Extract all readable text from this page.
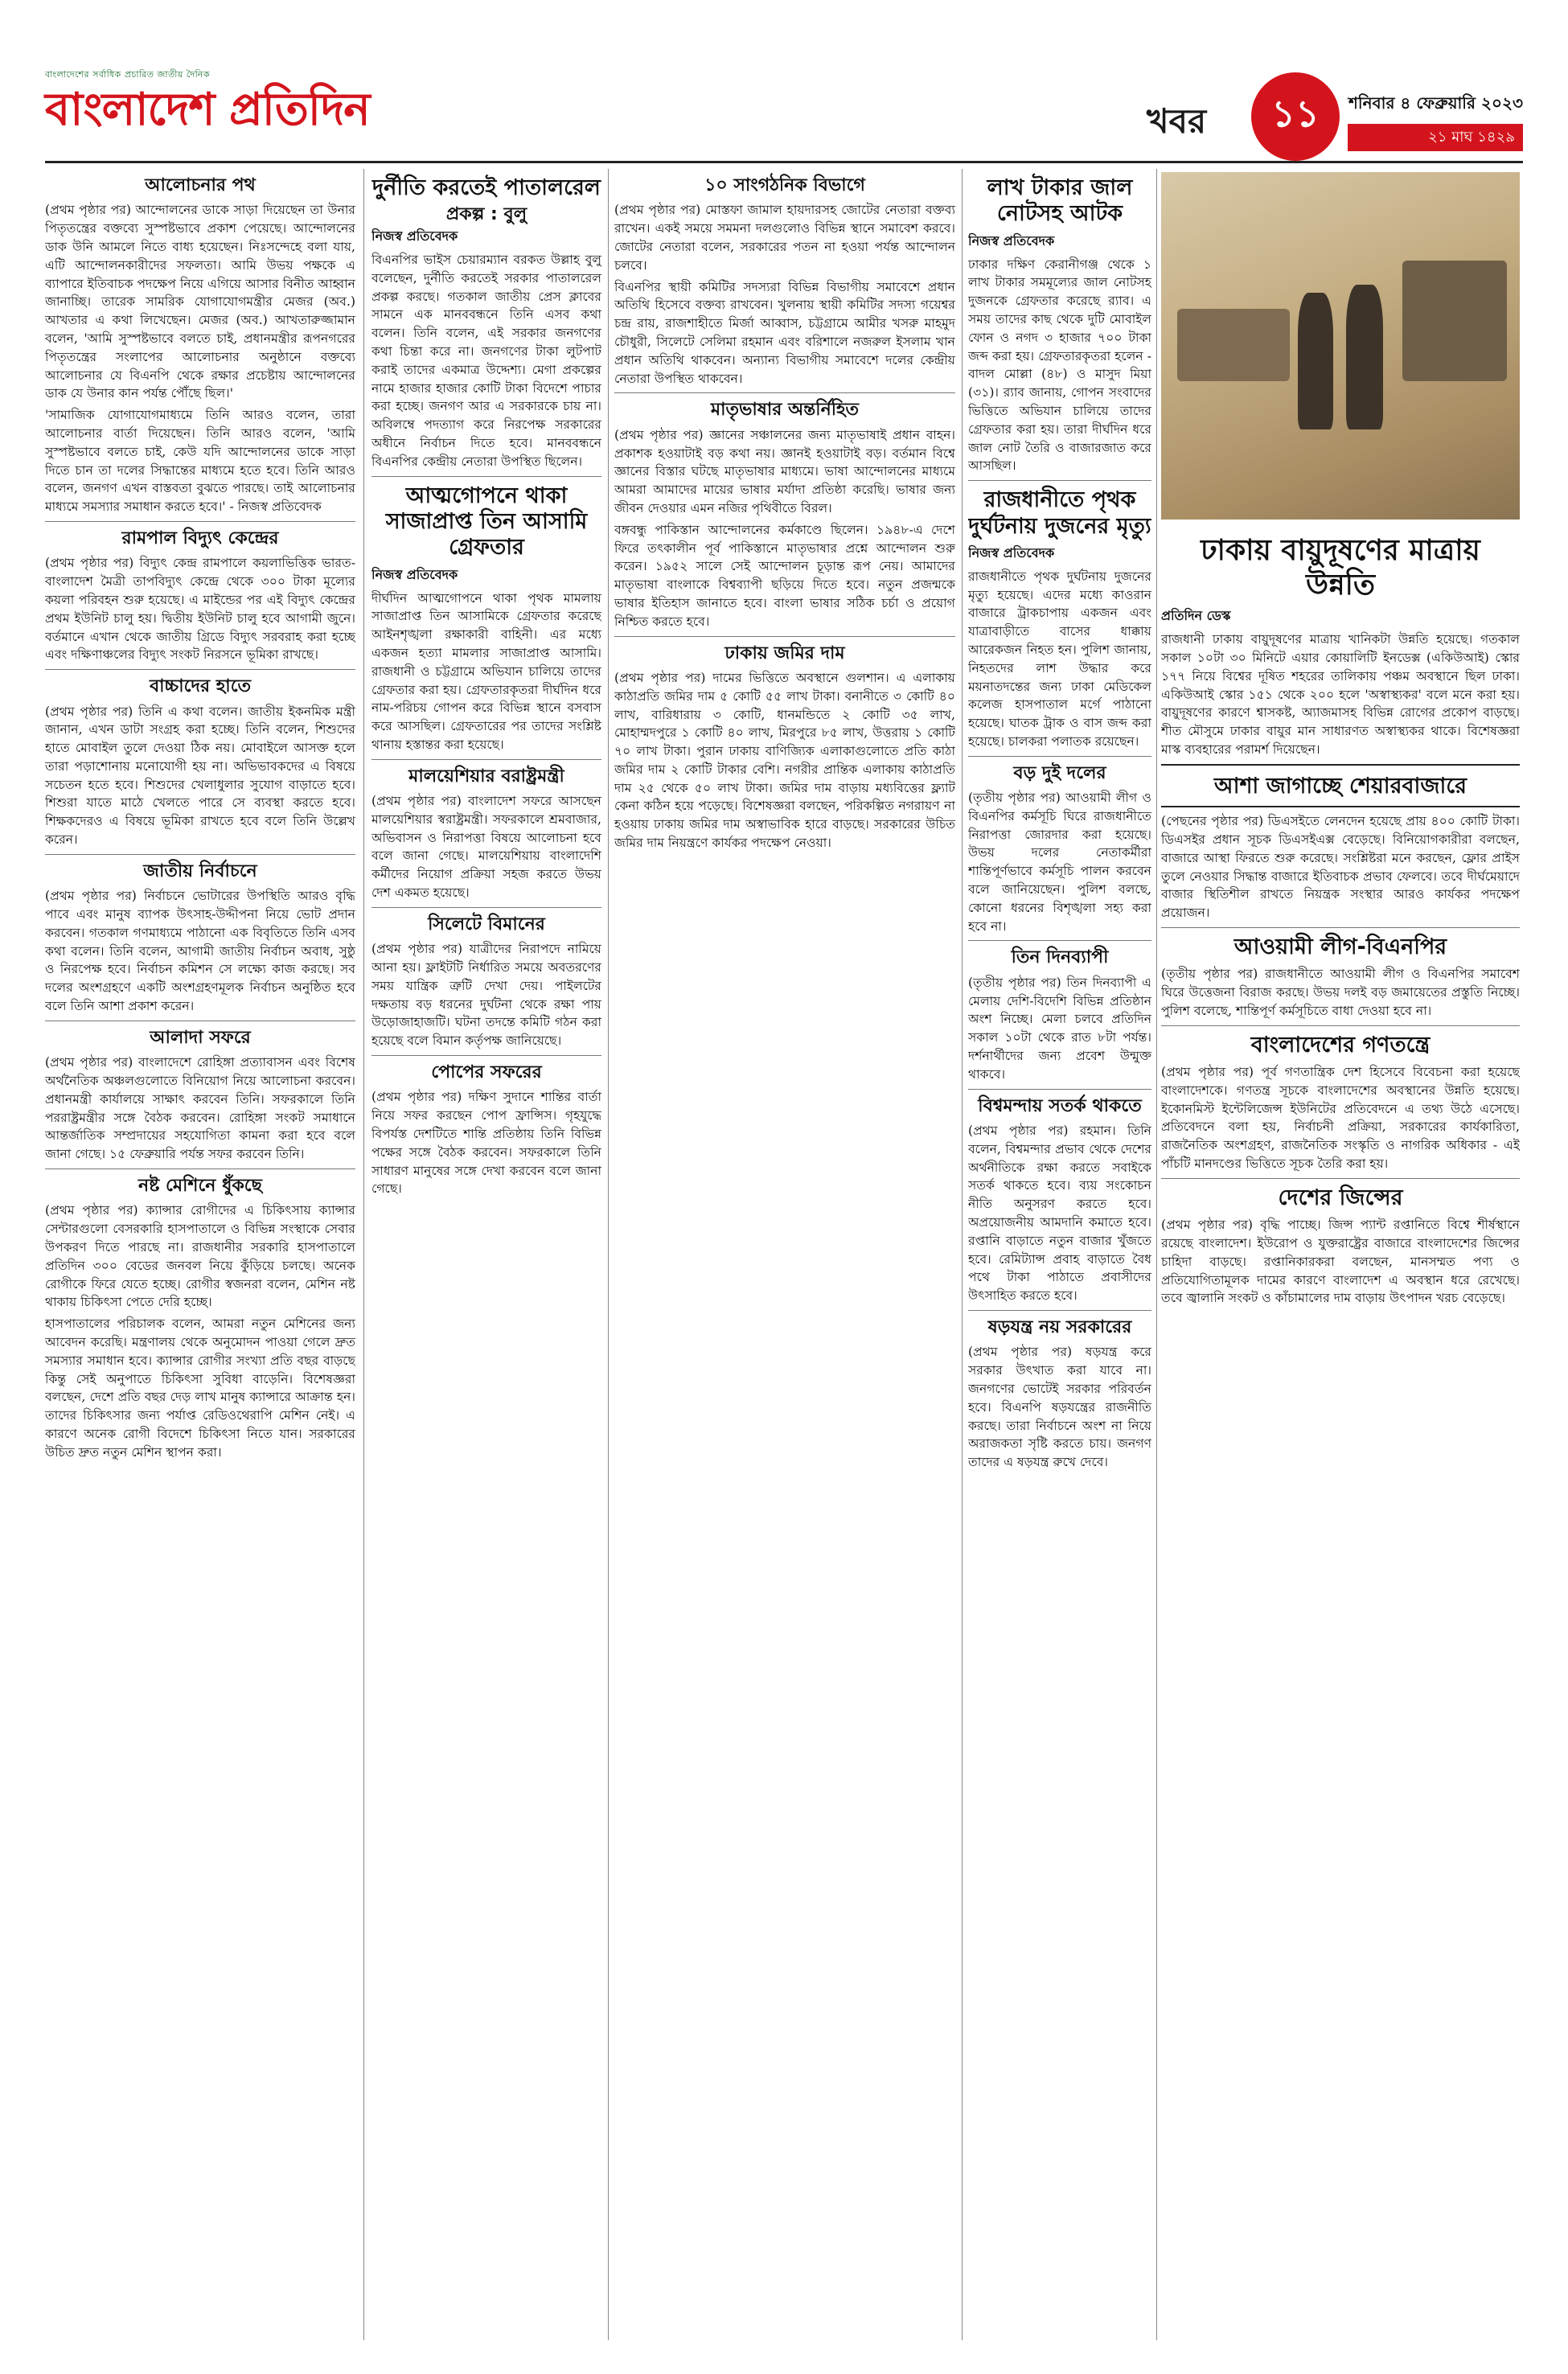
বাংলাদেশের সর্বাধিক প্রচারিত জাতীয় দৈনিক
বাংলাদেশ প্রতিদিন	খবর	১১	শনিবার ৪ ফেব্রুয়ারি ২০২৩
২১ মাঘ ১৪২৯
আলোচনার পথ

(প্রথম পৃষ্ঠার পর) আন্দোলনের ডাকে সাড়া দিয়েছেন তা উনার পিতৃতন্ত্রের বক্তব্যে সুস্পষ্টভাবে প্রকাশ পেয়েছে। আন্দোলনের ডাক উনি আমলে নিতে বাধ্য হয়েছেন। নিঃসন্দেহে বলা যায়, এটি আন্দোলনকারীদের সফলতা। আমি উভয় পক্ষকে এ ব্যাপারে ইতিবাচক পদক্ষেপ নিয়ে এগিয়ে আসার বিনীত আহ্বান জানাচ্ছি। তারেক সামরিক যোগাযোগমন্ত্রীর মেজর (অব.) আখতার এ কথা লিখেছেন। মেজর (অব.) আখতারুজ্জামান বলেন, 'আমি সুস্পষ্টভাবে বলতে চাই, প্রধানমন্ত্রীর রূপনগরের পিতৃতন্ত্রের সংলাপের আলোচনার অনুষ্ঠানে বক্তব্যে আলোচনার যে বিএনপি থেকে রক্ষার প্রচেষ্টায় আন্দোলনের ডাক যে উনার কান পর্যন্ত পৌঁছে ছিল।'

'সামাজিক যোগাযোগমাধ্যমে তিনি আরও বলেন, তারা আলোচনার বার্তা দিয়েছেন। তিনি আরও বলেন, 'আমি সুস্পষ্টভাবে বলতে চাই, কেউ যদি আন্দোলনের ডাকে সাড়া দিতে চান তা দলের সিদ্ধান্তের মাধ্যমে হতে হবে। তিনি আরও বলেন, জনগণ এখন বাস্তবতা বুঝতে পারছে। তাই আলোচনার মাধ্যমে সমস্যার সমাধান করতে হবে।' - নিজস্ব প্রতিবেদক

রামপাল বিদ্যুৎ কেন্দ্রের

(প্রথম পৃষ্ঠার পর) বিদ্যুৎ কেন্দ্র রামপালে কয়লাভিত্তিক ভারত-বাংলাদেশ মৈত্রী তাপবিদ্যুৎ কেন্দ্রে থেকে ৩০০ টাকা মূল্যের কয়লা পরিবহন শুরু হয়েছে। এ মাইন্ডের পর এই বিদ্যুৎ কেন্দ্রের প্রথম ইউনিট চালু হয়। দ্বিতীয় ইউনিট চালু হবে আগামী জুনে। বর্তমানে এখান থেকে জাতীয় গ্রিডে বিদ্যুৎ সরবরাহ করা হচ্ছে এবং দক্ষিণাঞ্চলের বিদ্যুৎ সংকট নিরসনে ভূমিকা রাখছে।

বাচ্চাদের হাতে

(প্রথম পৃষ্ঠার পর) তিনি এ কথা বলেন। জাতীয় ইকনমিক মন্ত্রী জানান, এখন ডাটা সংগ্রহ করা হচ্ছে। তিনি বলেন, শিশুদের হাতে মোবাইল তুলে দেওয়া ঠিক নয়। মোবাইলে আসক্ত হলে তারা পড়াশোনায় মনোযোগী হয় না। অভিভাবকদের এ বিষয়ে সচেতন হতে হবে। শিশুদের খেলাধুলার সুযোগ বাড়াতে হবে। শিশুরা যাতে মাঠে খেলতে পারে সে ব্যবস্থা করতে হবে। শিক্ষকদেরও এ বিষয়ে ভূমিকা রাখতে হবে বলে তিনি উল্লেখ করেন।

জাতীয় নির্বাচনে

(প্রথম পৃষ্ঠার পর) নির্বাচনে ভোটারের উপস্থিতি আরও বৃদ্ধি পাবে এবং মানুষ ব্যাপক উৎসাহ-উদ্দীপনা নিয়ে ভোট প্রদান করবেন। গতকাল গণমাধ্যমে পাঠানো এক বিবৃতিতে তিনি এসব কথা বলেন। তিনি বলেন, আগামী জাতীয় নির্বাচন অবাধ, সুষ্ঠু ও নিরপেক্ষ হবে। নির্বাচন কমিশন সে লক্ষ্যে কাজ করছে। সব দলের অংশগ্রহণে একটি অংশগ্রহণমূলক নির্বাচন অনুষ্ঠিত হবে বলে তিনি আশা প্রকাশ করেন।

আলাদা সফরে

(প্রথম পৃষ্ঠার পর) বাংলাদেশে রোহিঙ্গা প্রত্যাবাসন এবং বিশেষ অর্থনৈতিক অঞ্চলগুলোতে বিনিয়োগ নিয়ে আলোচনা করবেন। প্রধানমন্ত্রী কার্যালয়ে সাক্ষাৎ করবেন তিনি। সফরকালে তিনি পররাষ্ট্রমন্ত্রীর সঙ্গে বৈঠক করবেন। রোহিঙ্গা সংকট সমাধানে আন্তর্জাতিক সম্প্রদায়ের সহযোগিতা কামনা করা হবে বলে জানা গেছে। ১৫ ফেব্রুয়ারি পর্যন্ত সফর করবেন তিনি।

নষ্ট মেশিনে ধুঁকছে

(প্রথম পৃষ্ঠার পর) ক্যান্সার রোগীদের এ চিকিৎসায় ক্যান্সার সেন্টারগুলো বেসরকারি হাসপাতালে ও বিভিন্ন সংস্থাকে সেবার উপকরণ দিতে পারছে না। রাজধানীর সরকারি হাসপাতালে প্রতিদিন ৩০০ বেডের জনবল নিয়ে কুঁড়িয়ে চলছে। অনেক রোগীকে ফিরে যেতে হচ্ছে। রোগীর স্বজনরা বলেন, মেশিন নষ্ট থাকায় চিকিৎসা পেতে দেরি হচ্ছে।

হাসপাতালের পরিচালক বলেন, আমরা নতুন মেশিনের জন্য আবেদন করেছি। মন্ত্রণালয় থেকে অনুমোদন পাওয়া গেলে দ্রুত সমস্যার সমাধান হবে। ক্যান্সার রোগীর সংখ্যা প্রতি বছর বাড়ছে কিন্তু সেই অনুপাতে চিকিৎসা সুবিধা বাড়েনি। বিশেষজ্ঞরা বলছেন, দেশে প্রতি বছর দেড় লাখ মানুষ ক্যান্সারে আক্রান্ত হন। তাদের চিকিৎসার জন্য পর্যাপ্ত রেডিওথেরাপি মেশিন নেই। এ কারণে অনেক রোগী বিদেশে চিকিৎসা নিতে যান। সরকারের উচিত দ্রুত নতুন মেশিন স্থাপন করা।

দুর্নীতি করতেই পাতালরেল
প্রকল্প : বুলু
নিজস্ব প্রতিবেদক

বিএনপির ভাইস চেয়ারম্যান বরকত উল্লাহ বুলু বলেছেন, দুর্নীতি করতেই সরকার পাতালরেল প্রকল্প করছে। গতকাল জাতীয় প্রেস ক্লাবের সামনে এক মানববন্ধনে তিনি এসব কথা বলেন। তিনি বলেন, এই সরকার জনগণের কথা চিন্তা করে না। জনগণের টাকা লুটপাট করাই তাদের একমাত্র উদ্দেশ্য। মেগা প্রকল্পের নামে হাজার হাজার কোটি টাকা বিদেশে পাচার করা হচ্ছে। জনগণ আর এ সরকারকে চায় না। অবিলম্বে পদত্যাগ করে নিরপেক্ষ সরকারের অধীনে নির্বাচন দিতে হবে। মানববন্ধনে বিএনপির কেন্দ্রীয় নেতারা উপস্থিত ছিলেন।

আত্মগোপনে থাকা সাজাপ্রাপ্ত তিন আসামি গ্রেফতার
নিজস্ব প্রতিবেদক

দীর্ঘদিন আত্মগোপনে থাকা পৃথক মামলায় সাজাপ্রাপ্ত তিন আসামিকে গ্রেফতার করেছে আইনশৃঙ্খলা রক্ষাকারী বাহিনী। এর মধ্যে একজন হত্যা মামলার সাজাপ্রাপ্ত আসামি। রাজধানী ও চট্টগ্রামে অভিযান চালিয়ে তাদের গ্রেফতার করা হয়। গ্রেফতারকৃতরা দীর্ঘদিন ধরে নাম-পরিচয় গোপন করে বিভিন্ন স্থানে বসবাস করে আসছিল। গ্রেফতারের পর তাদের সংশ্লিষ্ট থানায় হস্তান্তর করা হয়েছে।

মালয়েশিয়ার বরাষ্ট্রমন্ত্রী

(প্রথম পৃষ্ঠার পর) বাংলাদেশ সফরে আসছেন মালয়েশিয়ার স্বরাষ্ট্রমন্ত্রী। সফরকালে শ্রমবাজার, অভিবাসন ও নিরাপত্তা বিষয়ে আলোচনা হবে বলে জানা গেছে। মালয়েশিয়ায় বাংলাদেশি কর্মীদের নিয়োগ প্রক্রিয়া সহজ করতে উভয় দেশ একমত হয়েছে।

সিলেটে বিমানের

(প্রথম পৃষ্ঠার পর) যাত্রীদের নিরাপদে নামিয়ে আনা হয়। ফ্লাইটটি নির্ধারিত সময়ে অবতরণের সময় যান্ত্রিক ত্রুটি দেখা দেয়। পাইলটের দক্ষতায় বড় ধরনের দুর্ঘটনা থেকে রক্ষা পায় উড়োজাহাজটি। ঘটনা তদন্তে কমিটি গঠন করা হয়েছে বলে বিমান কর্তৃপক্ষ জানিয়েছে।

পোপের সফরের

(প্রথম পৃষ্ঠার পর) দক্ষিণ সুদানে শান্তির বার্তা নিয়ে সফর করছেন পোপ ফ্রান্সিস। গৃহযুদ্ধে বিপর্যস্ত দেশটিতে শান্তি প্রতিষ্ঠায় তিনি বিভিন্ন পক্ষের সঙ্গে বৈঠক করবেন। সফরকালে তিনি সাধারণ মানুষের সঙ্গে দেখা করবেন বলে জানা গেছে।

১০ সাংগঠনিক বিভাগে

(প্রথম পৃষ্ঠার পর) মোস্তফা জামাল হায়দারসহ জোটের নেতারা বক্তব্য রাখেন। একই সময়ে সমমনা দলগুলোও বিভিন্ন স্থানে সমাবেশ করবে। জোটের নেতারা বলেন, সরকারের পতন না হওয়া পর্যন্ত আন্দোলন চলবে।

বিএনপির স্থায়ী কমিটির সদস্যরা বিভিন্ন বিভাগীয় সমাবেশে প্রধান অতিথি হিসেবে বক্তব্য রাখবেন। খুলনায় স্থায়ী কমিটির সদস্য গয়েশ্বর চন্দ্র রায়, রাজশাহীতে মির্জা আব্বাস, চট্টগ্রামে আমীর খসরু মাহমুদ চৌধুরী, সিলেটে সেলিমা রহমান এবং বরিশালে নজরুল ইসলাম খান প্রধান অতিথি থাকবেন। অন্যান্য বিভাগীয় সমাবেশে দলের কেন্দ্রীয় নেতারা উপস্থিত থাকবেন।

মাতৃভাষার অন্তর্নিহিত

(প্রথম পৃষ্ঠার পর) জ্ঞানের সঞ্চালনের জন্য মাতৃভাষাই প্রধান বাহন। প্রকাশক হওয়াটাই বড় কথা নয়। জ্ঞানই হওয়াটাই বড়। বর্তমান বিশ্বে জ্ঞানের বিস্তার ঘটছে মাতৃভাষার মাধ্যমে। ভাষা আন্দোলনের মাধ্যমে আমরা আমাদের মায়ের ভাষার মর্যাদা প্রতিষ্ঠা করেছি। ভাষার জন্য জীবন দেওয়ার এমন নজির পৃথিবীতে বিরল।

বঙ্গবন্ধু পাকিস্তান আন্দোলনের কর্মকাণ্ডে ছিলেন। ১৯৪৮-এ দেশে ফিরে তৎকালীন পূর্ব পাকিস্তানে মাতৃভাষার প্রশ্নে আন্দোলন শুরু করেন। ১৯৫২ সালে সেই আন্দোলন চূড়ান্ত রূপ নেয়। আমাদের মাতৃভাষা বাংলাকে বিশ্বব্যাপী ছড়িয়ে দিতে হবে। নতুন প্রজন্মকে ভাষার ইতিহাস জানাতে হবে। বাংলা ভাষার সঠিক চর্চা ও প্রয়োগ নিশ্চিত করতে হবে।

ঢাকায় জমির দাম

(প্রথম পৃষ্ঠার পর) দামের ভিত্তিতে অবস্থানে গুলশান। এ এলাকায় কাঠাপ্রতি জমির দাম ৫ কোটি ৫৫ লাখ টাকা। বনানীতে ৩ কোটি ৪০ লাখ, বারিধারায় ৩ কোটি, ধানমন্ডিতে ২ কোটি ৩৫ লাখ, মোহাম্মদপুরে ১ কোটি ৪০ লাখ, মিরপুরে ৮৫ লাখ, উত্তরায় ১ কোটি ৭০ লাখ টাকা। পুরান ঢাকায় বাণিজ্যিক এলাকাগুলোতে প্রতি কাঠা জমির দাম ২ কোটি টাকার বেশি। নগরীর প্রান্তিক এলাকায় কাঠাপ্রতি দাম ২৫ থেকে ৫০ লাখ টাকা। জমির দাম বাড়ায় মধ্যবিত্তের ফ্ল্যাট কেনা কঠিন হয়ে পড়েছে। বিশেষজ্ঞরা বলছেন, পরিকল্পিত নগরায়ণ না হওয়ায় ঢাকায় জমির দাম অস্বাভাবিক হারে বাড়ছে। সরকারের উচিত জমির দাম নিয়ন্ত্রণে কার্যকর পদক্ষেপ নেওয়া।

লাখ টাকার জাল নোটসহ আটক
নিজস্ব প্রতিবেদক

ঢাকার দক্ষিণ কেরানীগঞ্জ থেকে ১ লাখ টাকার সমমূল্যের জাল নোটসহ দুজনকে গ্রেফতার করেছে র‍্যাব। এ সময় তাদের কাছ থেকে দুটি মোবাইল ফোন ও নগদ ৩ হাজার ৭০০ টাকা জব্দ করা হয়। গ্রেফতারকৃতরা হলেন - বাদল মোল্লা (৪৮) ও মাসুদ মিয়া (৩১)। র‍্যাব জানায়, গোপন সংবাদের ভিত্তিতে অভিযান চালিয়ে তাদের গ্রেফতার করা হয়। তারা দীর্ঘদিন ধরে জাল নোট তৈরি ও বাজারজাত করে আসছিল।

রাজধানীতে পৃথক দুর্ঘটনায় দুজনের মৃত্যু
নিজস্ব প্রতিবেদক

রাজধানীতে পৃথক দুর্ঘটনায় দুজনের মৃত্যু হয়েছে। এদের মধ্যে কাওরান বাজারে ট্রাকচাপায় একজন এবং যাত্রাবাড়ীতে বাসের ধাক্কায় আরেকজন নিহত হন। পুলিশ জানায়, নিহতদের লাশ উদ্ধার করে ময়নাতদন্তের জন্য ঢাকা মেডিকেল কলেজ হাসপাতাল মর্গে পাঠানো হয়েছে। ঘাতক ট্রাক ও বাস জব্দ করা হয়েছে। চালকরা পলাতক রয়েছেন।

বড় দুই দলের

(তৃতীয় পৃষ্ঠার পর) আওয়ামী লীগ ও বিএনপির কর্মসূচি ঘিরে রাজধানীতে নিরাপত্তা জোরদার করা হয়েছে। উভয় দলের নেতাকর্মীরা শান্তিপূর্ণভাবে কর্মসূচি পালন করবেন বলে জানিয়েছেন। পুলিশ বলছে, কোনো ধরনের বিশৃঙ্খলা সহ্য করা হবে না।

তিন দিনব্যাপী

(তৃতীয় পৃষ্ঠার পর) তিন দিনব্যাপী এ মেলায় দেশি-বিদেশি বিভিন্ন প্রতিষ্ঠান অংশ নিচ্ছে। মেলা চলবে প্রতিদিন সকাল ১০টা থেকে রাত ৮টা পর্যন্ত। দর্শনার্থীদের জন্য প্রবেশ উন্মুক্ত থাকবে।

বিশ্বমন্দায় সতর্ক থাকতে

(প্রথম পৃষ্ঠার পর) রহমান। তিনি বলেন, বিশ্বমন্দার প্রভাব থেকে দেশের অর্থনীতিকে রক্ষা করতে সবাইকে সতর্ক থাকতে হবে। ব্যয় সংকোচন নীতি অনুসরণ করতে হবে। অপ্রয়োজনীয় আমদানি কমাতে হবে। রপ্তানি বাড়াতে নতুন বাজার খুঁজতে হবে। রেমিট্যান্স প্রবাহ বাড়াতে বৈধ পথে টাকা পাঠাতে প্রবাসীদের উৎসাহিত করতে হবে।

ষড়যন্ত্র নয় সরকারের

(প্রথম পৃষ্ঠার পর) ষড়যন্ত্র করে সরকার উৎখাত করা যাবে না। জনগণের ভোটেই সরকার পরিবর্তন হবে। বিএনপি ষড়যন্ত্রের রাজনীতি করছে। তারা নির্বাচনে অংশ না নিয়ে অরাজকতা সৃষ্টি করতে চায়। জনগণ তাদের এ ষড়যন্ত্র রুখে দেবে।

ঢাকায় বায়ুদূষণের মাত্রায় উন্নতি
প্রতিদিন ডেস্ক

রাজধানী ঢাকায় বায়ুদূষণের মাত্রায় খানিকটা উন্নতি হয়েছে। গতকাল সকাল ১০টা ৩০ মিনিটে এয়ার কোয়ালিটি ইনডেক্স (একিউআই) স্কোর ১৭৭ নিয়ে বিশ্বের দূষিত শহরের তালিকায় পঞ্চম অবস্থানে ছিল ঢাকা। একিউআই স্কোর ১৫১ থেকে ২০০ হলে 'অস্বাস্থ্যকর' বলে মনে করা হয়। বায়ুদূষণের কারণে শ্বাসকষ্ট, অ্যাজমাসহ বিভিন্ন রোগের প্রকোপ বাড়ছে। শীত মৌসুমে ঢাকার বায়ুর মান সাধারণত অস্বাস্থ্যকর থাকে। বিশেষজ্ঞরা মাস্ক ব্যবহারের পরামর্শ দিয়েছেন।

আশা জাগাচ্ছে শেয়ারবাজারে

(পেছনের পৃষ্ঠার পর) ডিএসইতে লেনদেন হয়েছে প্রায় ৪০০ কোটি টাকা। ডিএসইর প্রধান সূচক ডিএসইএক্স বেড়েছে। বিনিয়োগকারীরা বলছেন, বাজারে আস্থা ফিরতে শুরু করেছে। সংশ্লিষ্টরা মনে করছেন, ফ্লোর প্রাইস তুলে নেওয়ার সিদ্ধান্ত বাজারে ইতিবাচক প্রভাব ফেলবে। তবে দীর্ঘমেয়াদে বাজার স্থিতিশীল রাখতে নিয়ন্ত্রক সংস্থার আরও কার্যকর পদক্ষেপ প্রয়োজন।

আওয়ামী লীগ-বিএনপির

(তৃতীয় পৃষ্ঠার পর) রাজধানীতে আওয়ামী লীগ ও বিএনপির সমাবেশ ঘিরে উত্তেজনা বিরাজ করছে। উভয় দলই বড় জমায়েতের প্রস্তুতি নিচ্ছে। পুলিশ বলেছে, শান্তিপূর্ণ কর্মসূচিতে বাধা দেওয়া হবে না।

বাংলাদেশের গণতন্ত্রে

(প্রথম পৃষ্ঠার পর) পূর্ব গণতান্ত্রিক দেশ হিসেবে বিবেচনা করা হয়েছে বাংলাদেশকে। গণতন্ত্র সূচকে বাংলাদেশের অবস্থানের উন্নতি হয়েছে। ইকোনমিস্ট ইন্টেলিজেন্স ইউনিটের প্রতিবেদনে এ তথ্য উঠে এসেছে। প্রতিবেদনে বলা হয়, নির্বাচনী প্রক্রিয়া, সরকারের কার্যকারিতা, রাজনৈতিক অংশগ্রহণ, রাজনৈতিক সংস্কৃতি ও নাগরিক অধিকার - এই পাঁচটি মানদণ্ডের ভিত্তিতে সূচক তৈরি করা হয়।

দেশের জিন্সের

(প্রথম পৃষ্ঠার পর) বৃদ্ধি পাচ্ছে। জিন্স প্যান্ট রপ্তানিতে বিশ্বে শীর্ষস্থানে রয়েছে বাংলাদেশ। ইউরোপ ও যুক্তরাষ্ট্রের বাজারে বাংলাদেশের জিন্সের চাহিদা বাড়ছে। রপ্তানিকারকরা বলছেন, মানসম্মত পণ্য ও প্রতিযোগিতামূলক দামের কারণে বাংলাদেশ এ অবস্থান ধরে রেখেছে। তবে জ্বালানি সংকট ও কাঁচামালের দাম বাড়ায় উৎপাদন খরচ বেড়েছে।
